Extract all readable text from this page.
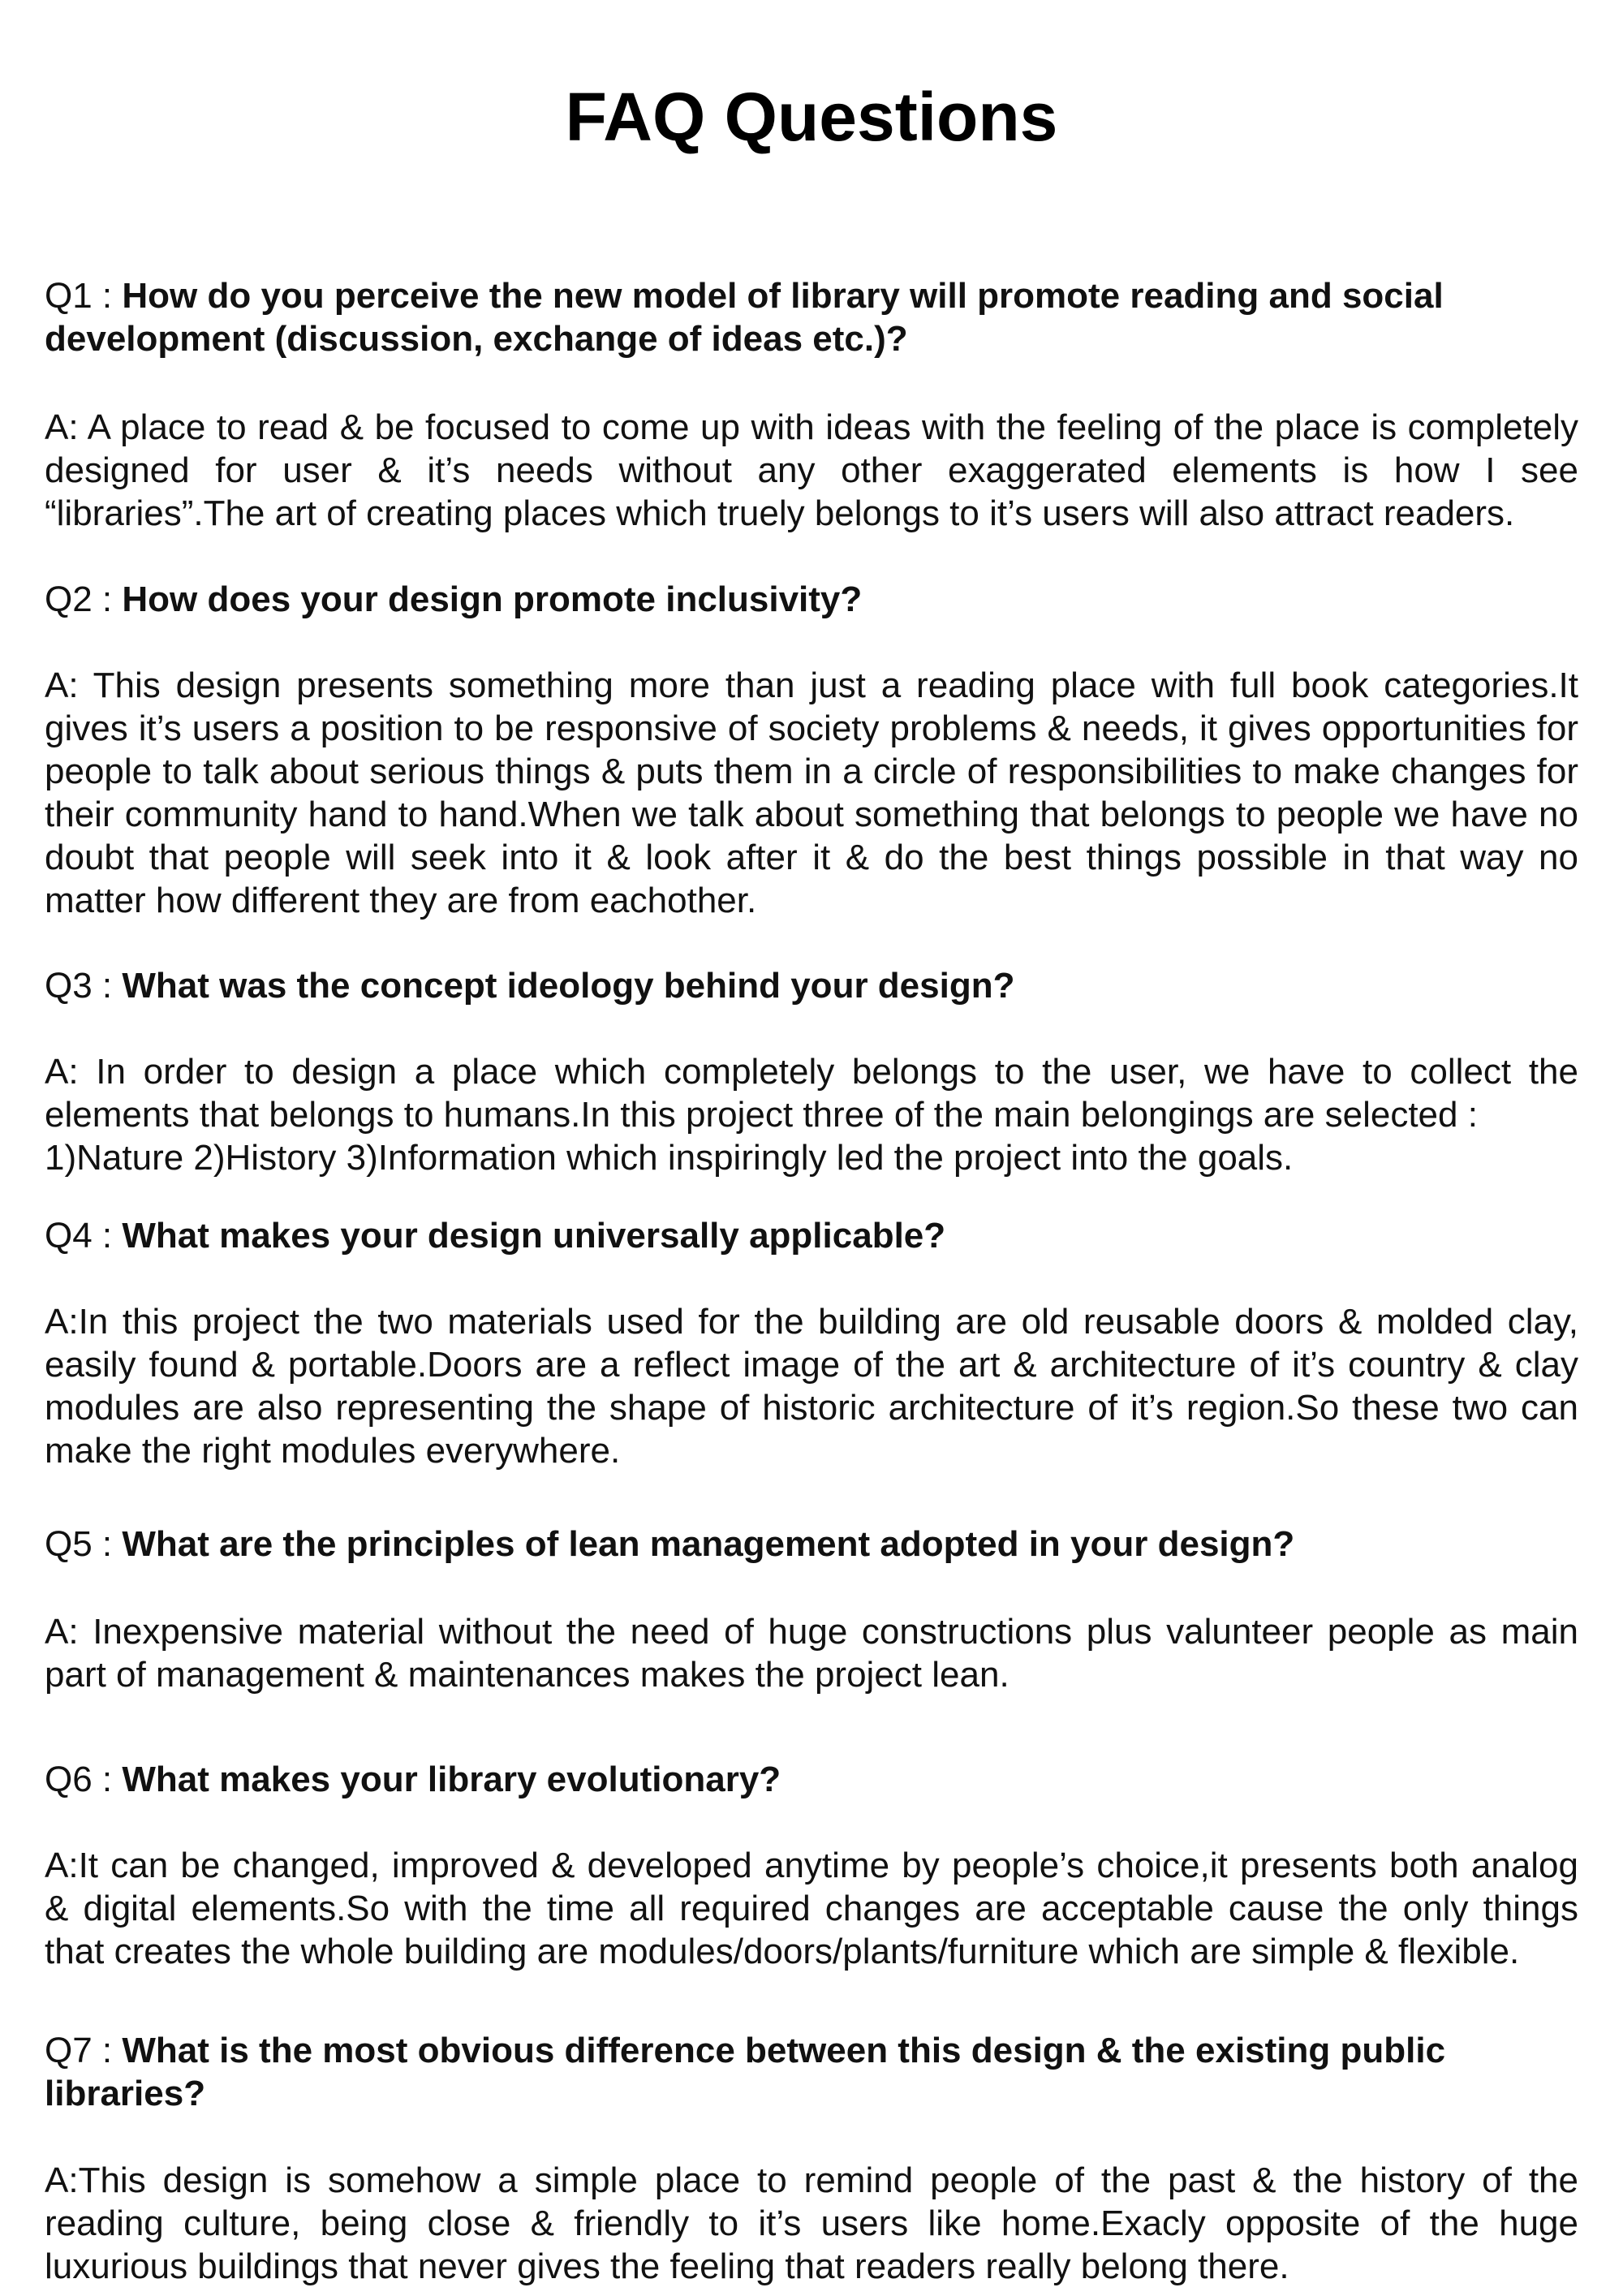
FAQ Questions

Q1 : How do you perceive the new model of library will promote reading and social development (discussion, exchange of ideas etc.)?

A: A place to read & be focused to come up with ideas with the feeling of the place is completely designed for user & it’s needs without any other exaggerated elements is how I see “libraries”.The art of creating places which truely belongs to it’s users will also attract readers.

Q2 : How does your design promote inclusivity?

A: This design presents something more than just a reading place with full book categories.It gives it’s users a position to be responsive of society problems & needs, it gives opportunities for people to talk about serious things & puts them in a circle of responsibilities to make changes for their community hand to hand.When we talk about something that belongs to people we have no doubt that people will seek into it & look after it & do the best things possible in that way no matter how different they are from eachother.

Q3 : What was the concept ideology behind your design?

A: In order to design a place which completely belongs to the user, we have to collect the elements that belongs to humans.In this project three of the main belongings are selected :
1)Nature 2)History 3)Information which inspiringly led the project into the goals.

Q4 : What makes your design universally applicable?

A:In this project the two materials used for the building are old reusable doors & molded clay, easily found & portable.Doors are a reflect image of the art & architecture of it’s country & clay modules are also representing the shape of historic architecture of it’s region.So these two can make the right modules everywhere.

Q5 : What are the principles of lean management adopted in your design?

A: Inexpensive material without the need of huge constructions plus valunteer people as main part of management & maintenances makes the project lean.

Q6 : What makes your library evolutionary?

A:It can be changed, improved & developed anytime by people’s choice,it presents both analog & digital elements.So with the time all required changes are acceptable cause the only things that creates the whole building are modules/doors/plants/furniture which are simple & flexible.

Q7 : What is the most obvious difference between this design & the existing public libraries?

A:This design is somehow a simple place to remind people of the past & the history of the reading culture, being close & friendly to it’s users like home.Exacly opposite of the huge luxurious buildings that never gives the feeling that readers really belong there.
